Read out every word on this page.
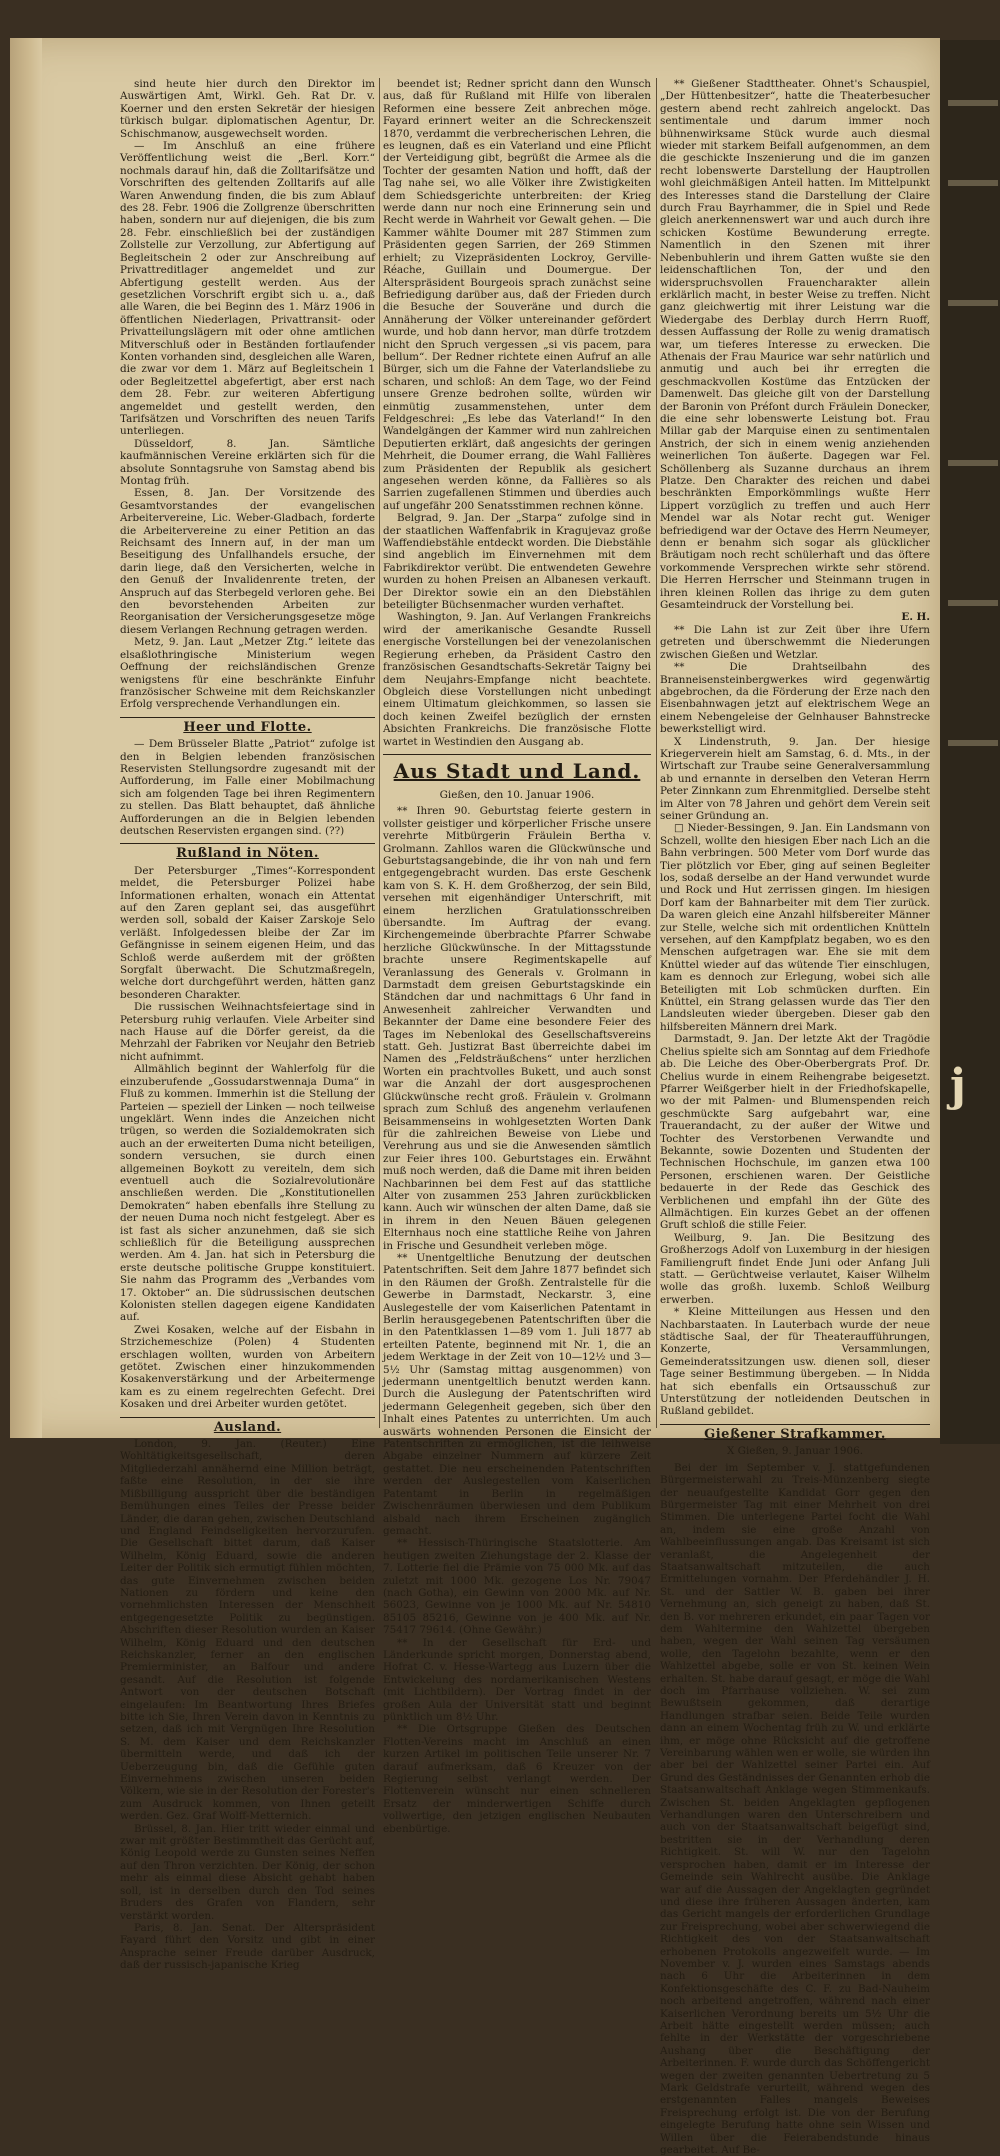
sind heute hier durch den Direktor im Auswärtigen Amt, Wirkl. Geh. Rat Dr. v. Koerner und den ersten Sekretär der hiesigen türkisch bulgar. diplomatischen Agentur, Dr. Schischmanow, ausgewechselt worden.

— Im Anschluß an eine frühere Veröffentlichung weist die „Berl. Korr.“ nochmals darauf hin, daß die Zolltarifsätze und Vorschriften des geltenden Zolltarifs auf alle Waren Anwendung finden, die bis zum Ablauf des 28. Febr. 1906 die Zollgrenze überschritten haben, sondern nur auf diejenigen, die bis zum 28. Febr. einschließlich bei der zuständigen Zollstelle zur Verzollung, zur Abfertigung auf Begleitschein 2 oder zur Anschreibung auf Privattreditlager angemeldet und zur Abfertigung gestellt werden. Aus der gesetzlichen Vorschrift ergibt sich u. a., daß alle Waren, die bei Beginn des 1. März 1906 in öffentlichen Niederlagen, Privattransit- oder Privatteilungslägern mit oder ohne amtlichen Mitverschluß oder in Beständen fortlaufender Konten vorhanden sind, desgleichen alle Waren, die zwar vor dem 1. März auf Begleitschein 1 oder Begleitzettel abgefertigt, aber erst nach dem 28. Febr. zur weiteren Abfertigung angemeldet und gestellt werden, den Tarifsätzen und Vorschriften des neuen Tarifs unterliegen.

Düsseldorf, 8. Jan. Sämtliche kaufmännischen Vereine erklärten sich für die absolute Sonntagsruhe von Samstag abend bis Montag früh.

Essen, 8. Jan. Der Vorsitzende des Gesamtvorstandes der evangelischen Arbeitervereine, Lic. Weber-Gladbach, forderte die Arbeitervereine zu einer Petition an das Reichsamt des Innern auf, in der man um Beseitigung des Unfallhandels ersuche, der darin liege, daß den Versicherten, welche in den Genuß der Invalidenrente treten, der Anspruch auf das Sterbegeld verloren gehe. Bei den bevorstehenden Arbeiten zur Reorganisation der Versicherungsgesetze möge diesem Verlangen Rechnung getragen werden.

Metz, 9. Jan. Laut „Metzer Ztg.“ leitete das elsaßlothringische Ministerium wegen Oeffnung der reichsländischen Grenze wenigstens für eine beschränkte Einfuhr französischer Schweine mit dem Reichskanzler Erfolg versprechende Verhandlungen ein.

Heer und Flotte.

— Dem Brüsseler Blatte „Patriot“ zufolge ist den in Belgien lebenden französischen Reservisten Stellungsordre zugesandt mit der Aufforderung, im Falle einer Mobilmachung sich am folgenden Tage bei ihren Regimentern zu stellen. Das Blatt behauptet, daß ähnliche Aufforderungen an die in Belgien lebenden deutschen Reservisten ergangen sind. (??)

Rußland in Nöten.

Der Petersburger „Times“-Korrespondent meldet, die Petersburger Polizei habe Informationen erhalten, wonach ein Attentat auf den Zaren geplant sei, das ausgeführt werden soll, sobald der Kaiser Zarskoje Selo verläßt. Infolgedessen bleibe der Zar im Gefängnisse in seinem eigenen Heim, und das Schloß werde außerdem mit der größten Sorgfalt überwacht. Die Schutzmaßregeln, welche dort durchgeführt werden, hätten ganz besonderen Charakter.

Die russischen Weihnachtsfeiertage sind in Petersburg ruhig verlaufen. Viele Arbeiter sind nach Hause auf die Dörfer gereist, da die Mehrzahl der Fabriken vor Neujahr den Betrieb nicht aufnimmt.

Allmählich beginnt der Wahlerfolg für die einzuberufende „Gossudarstwennaja Duma“ in Fluß zu kommen. Immerhin ist die Stellung der Parteien — speziell der Linken — noch teilweise ungeklärt. Wenn indes die Anzeichen nicht trügen, so werden die Sozialdemokraten sich auch an der erweiterten Duma nicht beteiligen, sondern versuchen, sie durch einen allgemeinen Boykott zu vereiteln, dem sich eventuell auch die Sozialrevolutionäre anschließen werden. Die „Konstitutionellen Demokraten“ haben ebenfalls ihre Stellung zu der neuen Duma noch nicht festgelegt. Aber es ist fast als sicher anzunehmen, daß sie sich schließlich für die Beteiligung aussprechen werden. Am 4. Jan. hat sich in Petersburg die erste deutsche politische Gruppe konstituiert. Sie nahm das Programm des „Verbandes vom 17. Oktober“ an. Die südrussischen deutschen Kolonisten stellen dagegen eigene Kandidaten auf.

Zwei Kosaken, welche auf der Eisbahn in Strzichemeschize (Polen) 4 Studenten erschlagen wollten, wurden von Arbeitern getötet. Zwischen einer hinzukommenden Kosakenverstärkung und der Arbeitermenge kam es zu einem regelrechten Gefecht. Drei Kosaken und drei Arbeiter wurden getötet.

Ausland.

London, 9. Jan. (Reuter.) Eine Wohltätigkeitsgesellschaft, deren Mitgliederzahl annähernd eine Million beträgt, faßte eine Resolution, in der sie ihre Mißbilligung ausspricht über die beständigen Bemühungen eines Teiles der Presse beider Länder, die daran gehen, zwischen Deutschland und England Feindseligkeiten hervorzurufen. Die Gesellschaft bittet darum, daß Kaiser Wilhelm, König Eduard, sowie die anderen Leiter der Politik sich ermutigt fühlen möchten, das gute Einvernehmen zwischen beiden Nationen zu fördern und keine den vornehmlichsten Interessen der Menschheit entgegengesetzte Politik zu begünstigen. Abschriften dieser Resolution wurden an Kaiser Wilhelm, König Eduard und den deutschen Reichskanzler, ferner an den englischen Premierminister, an Balfour und andere gesandt. Auf die Resolution ist folgende Antwort von der deutschen Botschaft eingelaufen: Im Beantwortung Ihres Briefes bitte ich Sie, Ihren Verein davon in Kenntnis zu setzen, daß ich mit Vergnügen Ihre Resolution S. M. dem Kaiser und dem Reichskanzler übermitteln werde, und daß ich der Ueberzeugung bin, daß die Gefühle guten Einvernehmens zwischen unseren beiden Völkern, wie sie in der Resolution der Forester's zum Ausdruck kommen, von Ihnen geteilt werden. Gez. Graf Wolff-Metternich.

Brüssel, 8. Jan. Hier tritt wieder einmal und zwar mit größter Bestimmtheit das Gerücht auf, König Leopold werde zu Gunsten seines Neffen auf den Thron verzichten. Der König, der schon mehr als einmal diese Absicht gehabt haben soll, ist in derselben durch den Tod seines Bruders des Grafen von Flandern, sehr verstärkt worden.

Paris, 8. Jan. Senat. Der Alterspräsident Fayard führt den Vorsitz und gibt in einer Ansprache seiner Freude darüber Ausdruck, daß der russisch-japanische Krieg

beendet ist; Redner spricht dann den Wunsch aus, daß für Rußland mit Hilfe von liberalen Reformen eine bessere Zeit anbrechen möge. Fayard erinnert weiter an die Schreckenszeit 1870, verdammt die verbrecherischen Lehren, die es leugnen, daß es ein Vaterland und eine Pflicht der Verteidigung gibt, begrüßt die Armee als die Tochter der gesamten Nation und hofft, daß der Tag nahe sei, wo alle Völker ihre Zwistigkeiten dem Schiedsgerichte unterbreiten: der Krieg werde dann nur noch eine Erinnerung sein und Recht werde in Wahrheit vor Gewalt gehen. — Die Kammer wählte Doumer mit 287 Stimmen zum Präsidenten gegen Sarrien, der 269 Stimmen erhielt; zu Vizepräsidenten Lockroy, Gerville-Réache, Guillain und Doumergue. Der Alterspräsident Bourgeois sprach zunächst seine Befriedigung darüber aus, daß der Frieden durch die Besuche der Souveräne und durch die Annäherung der Völker untereinander gefördert wurde, und hob dann hervor, man dürfe trotzdem nicht den Spruch vergessen „si vis pacem, para bellum“. Der Redner richtete einen Aufruf an alle Bürger, sich um die Fahne der Vaterlandsliebe zu scharen, und schloß: An dem Tage, wo der Feind unsere Grenze bedrohen sollte, würden wir einmütig zusammenstehen, unter dem Feldgeschrei: „Es lebe das Vaterland!“ In den Wandelgängen der Kammer wird nun zahlreichen Deputierten erklärt, daß angesichts der geringen Mehrheit, die Doumer errang, die Wahl Fallières zum Präsidenten der Republik als gesichert angesehen werden könne, da Fallières so als Sarrien zugefallenen Stimmen und überdies auch auf ungefähr 200 Senatsstimmen rechnen könne.

Belgrad, 9. Jan. Der „Starpa“ zufolge sind in der staatlichen Waffenfabrik in Kragujevaz große Waffendiebstähle entdeckt worden. Die Diebstähle sind angeblich im Einvernehmen mit dem Fabrikdirektor verübt. Die entwendeten Gewehre wurden zu hohen Preisen an Albanesen verkauft. Der Direktor sowie ein an den Diebstählen beteiligter Büchsenmacher wurden verhaftet.

Washington, 9. Jan. Auf Verlangen Frankreichs wird der amerikanische Gesandte Russell energische Vorstellungen bei der venezolanischen Regierung erheben, da Präsident Castro den französischen Gesandtschafts-Sekretär Taigny bei dem Neujahrs-Empfange nicht beachtete. Obgleich diese Vorstellungen nicht unbedingt einem Ultimatum gleichkommen, so lassen sie doch keinen Zweifel bezüglich der ernsten Absichten Frankreichs. Die französische Flotte wartet in Westindien den Ausgang ab.

Aus Stadt und Land.
Gießen, den 10. Januar 1906.

** Ihren 90. Geburtstag feierte gestern in vollster geistiger und körperlicher Frische unsere verehrte Mitbürgerin Fräulein Bertha v. Grolmann. Zahllos waren die Glückwünsche und Geburtstagsangebinde, die ihr von nah und fern entgegengebracht wurden. Das erste Geschenk kam von S. K. H. dem Großherzog, der sein Bild, versehen mit eigenhändiger Unterschrift, mit einem herzlichen Gratulationsschreiben übersandte. Im Auftrag der evang. Kirchengemeinde überbrachte Pfarrer Schwabe herzliche Glückwünsche. In der Mittagsstunde brachte unsere Regimentskapelle auf Veranlassung des Generals v. Grolmann in Darmstadt dem greisen Geburtstagskinde ein Ständchen dar und nachmittags 6 Uhr fand in Anwesenheit zahlreicher Verwandten und Bekannter der Dame eine besondere Feier des Tages im Nebenlokal des Gesellschaftsvereins statt. Geh. Justizrat Bast überreichte dabei im Namen des „Feldsträußchens“ unter herzlichen Worten ein prachtvolles Bukett, und auch sonst war die Anzahl der dort ausgesprochenen Glückwünsche recht groß. Fräulein v. Grolmann sprach zum Schluß des angenehm verlaufenen Beisammenseins in wohlgesetzten Worten Dank für die zahlreichen Beweise von Liebe und Verehrung aus und sie die Anwesenden sämtlich zur Feier ihres 100. Geburtstages ein. Erwähnt muß noch werden, daß die Dame mit ihren beiden Nachbarinnen bei dem Fest auf das stattliche Alter von zusammen 253 Jahren zurückblicken kann. Auch wir wünschen der alten Dame, daß sie in ihrem in den Neuen Bäuen gelegenen Elternhaus noch eine stattliche Reihe von Jahren in Frische und Gesundheit verleben möge.

** Unentgeltliche Benutzung der deutschen Patentschriften. Seit dem Jahre 1877 befindet sich in den Räumen der Großh. Zentralstelle für die Gewerbe in Darmstadt, Neckarstr. 3, eine Auslegestelle der vom Kaiserlichen Patentamt in Berlin herausgegebenen Patentschriften über die in den Patentklassen 1—89 vom 1. Juli 1877 ab erteilten Patente, beginnend mit Nr. 1, die an jedem Werktage in der Zeit von 10—12½ und 3—5½ Uhr (Samstag mittag ausgenommen) von jedermann unentgeltlich benutzt werden kann. Durch die Auslegung der Patentschriften wird jedermann Gelegenheit gegeben, sich über den Inhalt eines Patentes zu unterrichten. Um auch auswärts wohnenden Personen die Einsicht der Patentschriften zu ermöglichen, ist die leihweise Abgabe einzelner Nummern auf kürzere Zeit gestattet. Die neu erscheinenden Patentschriften werden der Auslegestellen vom Kaiserlichen Patentamt in Berlin in regelmäßigen Zwischenräumen überwiesen und dem Publikum alsbald nach ihrem Erscheinen zugänglich gemacht.

** Hessisch-Thüringische Staatslotterie. Am heutigen zweiten Ziehungstage der 2. Klasse der 7. Lotterie fiel die Prämie von 75 000 Mk. auf das zuletzt mit 1000 Mk. gezogene Los Nr. 79047 (nach Gotha), ein Gewinn von 2000 Mk. auf Nr. 56023, Gewinne von je 1000 Mk. auf Nr. 54810 85105 85216, Gewinne von je 400 Mk. auf Nr. 75417 79614. (Ohne Gewähr.)

** In der Gesellschaft für Erd- und Länderkunde spricht morgen, Donnerstag abend, Hofrat C. v. Hesse-Wartegg aus Luzern über die Entwickelung des nordamerikanischen Westens (mit Lichtbildern). Der Vortrag findet in der großen Aula der Universität statt und beginnt pünktlich um 8½ Uhr.

** Die Ortsgruppe Gießen des Deutschen Flotten-Vereins macht im Anschluß an einen kurzen Artikel im politischen Teile unserer Nr. 7 darauf aufmerksam, daß 6 Kreuzer von der Regierung selbst verlangt werden. Der Flottenverein wünscht nur einen schnelleren Ersatz der minderwertigen Schiffe durch vollwertige, den jetzigen englischen Neubauten ebenbürtige.

** Gießener Stadttheater. Ohnet's Schauspiel, „Der Hüttenbesitzer“, hatte die Theaterbesucher gestern abend recht zahlreich angelockt. Das sentimentale und darum immer noch bühnenwirksame Stück wurde auch diesmal wieder mit starkem Beifall aufgenommen, an dem die geschickte Inszenierung und die im ganzen recht lobenswerte Darstellung der Hauptrollen wohl gleichmäßigen Anteil hatten. Im Mittelpunkt des Interesses stand die Darstellung der Claire durch Frau Bayrhammer, die in Spiel und Rede gleich anerkennenswert war und auch durch ihre schicken Kostüme Bewunderung erregte. Namentlich in den Szenen mit ihrer Nebenbuhlerin und ihrem Gatten wußte sie den leidenschaftlichen Ton, der und den widerspruchsvollen Frauencharakter allein erklärlich macht, in bester Weise zu treffen. Nicht ganz gleichwertig mit ihrer Leistung war die Wiedergabe des Derblay durch Herrn Ruoff, dessen Auffassung der Rolle zu wenig dramatisch war, um tieferes Interesse zu erwecken. Die Athenais der Frau Maurice war sehr natürlich und anmutig und auch bei ihr erregten die geschmackvollen Kostüme das Entzücken der Damenwelt. Das gleiche gilt von der Darstellung der Baronin von Préfont durch Fräulein Donecker, die eine sehr lobenswerte Leistung bot. Frau Millar gab der Marquise einen zu sentimentalen Anstrich, der sich in einem wenig anziehenden weinerlichen Ton äußerte. Dagegen war Fel. Schöllenberg als Suzanne durchaus an ihrem Platze. Den Charakter des reichen und dabei beschränkten Emporkömmlings wußte Herr Lippert vorzüglich zu treffen und auch Herr Mendel war als Notar recht gut. Weniger befriedigend war der Octave des Herrn Neumeyer, denn er benahm sich sogar als glücklicher Bräutigam noch recht schülerhaft und das öftere vorkommende Versprechen wirkte sehr störend. Die Herren Herrscher und Steinmann trugen in ihren kleinen Rollen das ihrige zu dem guten Gesamteindruck der Vorstellung bei.

E. H.

** Die Lahn ist zur Zeit über ihre Ufern getreten und überschwemmt die Niederungen zwischen Gießen und Wetzlar.

** Die Drahtseilbahn des Branneisensteinbergwerkes wird gegenwärtig abgebrochen, da die Förderung der Erze nach den Eisenbahnwagen jetzt auf elektrischem Wege an einem Nebengeleise der Gelnhauser Bahnstrecke bewerkstelligt wird.

X Lindenstruth, 9. Jan. Der hiesige Kriegerverein hielt am Samstag, 6. d. Mts., in der Wirtschaft zur Traube seine Generalversammlung ab und ernannte in derselben den Veteran Herrn Peter Zinnkann zum Ehrenmitglied. Derselbe steht im Alter von 78 Jahren und gehört dem Verein seit seiner Gründung an.

□ Nieder-Bessingen, 9. Jan. Ein Landsmann von Schzell, wollte den hiesigen Eber nach Lich an die Bahn verbringen. 500 Meter vom Dorf wurde das Tier plötzlich vor Eber, ging auf seinen Begleiter los, sodaß derselbe an der Hand verwundet wurde und Rock und Hut zerrissen gingen. Im hiesigen Dorf kam der Bahnarbeiter mit dem Tier zurück. Da waren gleich eine Anzahl hilfsbereiter Männer zur Stelle, welche sich mit ordentlichen Knütteln versehen, auf den Kampfplatz begaben, wo es den Menschen aufgetragen war. Ehe sie mit dem Knüttel wieder auf das wütende Tier einschlugen, kam es dennoch zur Erlegung, wobei sich alle Beteiligten mit Lob schmücken durften. Ein Knüttel, ein Strang gelassen wurde das Tier den Landsleuten wieder übergeben. Dieser gab den hilfsbereiten Männern drei Mark.

Darmstadt, 9. Jan. Der letzte Akt der Tragödie Chelius spielte sich am Sonntag auf dem Friedhofe ab. Die Leiche des Ober-Oberbergrats Prof. Dr. Chelius wurde in einem Reihengrabe beigesetzt. Pfarrer Weißgerber hielt in der Friedhofskapelle, wo der mit Palmen- und Blumenspenden reich geschmückte Sarg aufgebahrt war, eine Trauerandacht, zu der außer der Witwe und Tochter des Verstorbenen Verwandte und Bekannte, sowie Dozenten und Studenten der Technischen Hochschule, im ganzen etwa 100 Personen, erschienen waren. Der Geistliche bedauerte in der Rede das Geschick des Verblichenen und empfahl ihn der Güte des Allmächtigen. Ein kurzes Gebet an der offenen Gruft schloß die stille Feier.

Weilburg, 9. Jan. Die Besitzung des Großherzogs Adolf von Luxemburg in der hiesigen Familiengruft findet Ende Juni oder Anfang Juli statt. — Gerüchtweise verlautet, Kaiser Wilhelm wolle das großh. luxemb. Schloß Weilburg erwerben.

* Kleine Mitteilungen aus Hessen und den Nachbarstaaten. In Lauterbach wurde der neue städtische Saal, der für Theateraufführungen, Konzerte, Versammlungen, Gemeinderatssitzungen usw. dienen soll, dieser Tage seiner Bestimmung übergeben. — In Nidda hat sich ebenfalls ein Ortsausschuß zur Unterstützung der notleidenden Deutschen in Rußland gebildet.

Gießener Strafkammer.
X Gießen, 9. Januar 1906.

Bei der im September v. J. stattgefundenen Bürgermeisterwahl zu Treis-Münzenberg siegte der neuaufgestellte Kandidat Gorr gegen den Bürgermeister Tag mit einer Mehrheit von drei Stimmen. Die unterlegene Partei focht die Wahl an, indem sie eine große Anzahl von Wahlbeeinflussungen angab. Das Kreisamt ist sich veranlaßt, die Angelegenheit der Staatsanwaltschaft mitzuteilen, die auch Ermittelungen vornahm. Der Pferdehändler J. H. St. und der Sattler W. B. gaben bei ihrer Vernehmung an, sich geneigt zu haben, daß St. den B. vor mehreren erkundet, ein paar Tagen vor dem Wahltermine den Wahlzettel übergeben haben, wegen der Wahl seinen Tag versäumen wolle, den Tagelohn bezahlte, wenn er den Wahlzettel abgebe, solle er von St. keinen Wein erhalten. St. habe darauf gesagt, er möge die Wahl doch im Pfarrhause vollziehen. W. sei zum Bewußtsein gekommen, daß derartige Handlungen strafbar seien. Beide Teile wurden dann an einem Wochentag früh zu W. und erklärte ihm, er möge ohne Rücksicht auf die getroffene Vereinbarung wählen wen er wolle, sie würden ihn aber bei der Wahlzettel seiner Partei ein. Auf Grund des Geständnisses der Genannten erhob die Staatsanwaltschaft Anklage wegen Stimmenkaufs. Zwischen St. beiden Angeklagten gepflogenen Verhandlungen waren den Unterschreibern und auch von der Staatsanwaltschaft beigefügt sind, bestritten sie in der Verhandlung deren Richtigkeit. St. will W. nur den Tagelohn versprochen haben, damit er im Interesse der Gemeinde sein Wahlrecht ausübe. Die Anklage war auf die Aussagen der Angeklagten gegründet und diese ihre früheren Aussagen änderten, kam das Gericht mangels der erforderlichen Grundlage zur Freisprechung, wobei aber schwerwiegend die Richtigkeit des von der Staatsanwaltschaft erhobenen Protokolls angezweifelt wurde. — Im November v. J. wurden eines Samstags abends nach 6 Uhr die Arbeiterinnen in dem Konfektionsgeschäfte des C. F. zu Bad-Nauheim noch arbeitend angetroffen, während nach einer Kaiserlichen Verordnung bereits um 5½ Uhr die Arbeit hätte eingestellt werden müssen; auch fehlte in der Werkstätte der vorgeschriebene Aushang über die Beschäftigung der Arbeiterinnen. F. wurde durch das Schöffengericht wegen der zweiten genannten Uebertretung zu 5 Mark Geldstrafe verurteilt, während wegen des erstgenannten Falles mangels Beweises Freisprechung erfolgt ist. Die von der Berufung eingelegte Berufung hatte ohne sein Wissen und Willen über die Feierabendstunde hinaus gearbeitet. Auf Be-

j
